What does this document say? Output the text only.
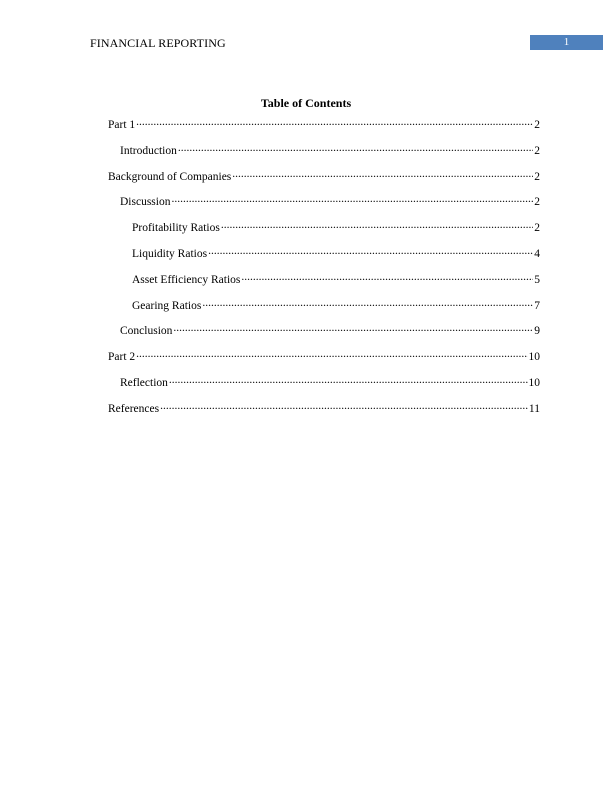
FINANCIAL REPORTING	1
Table of Contents
Part 1 .....	2
Introduction .....	2
Background of Companies .....	2
Discussion .....	2
Profitability Ratios .....	2
Liquidity Ratios .....	4
Asset Efficiency Ratios .....	5
Gearing Ratios .....	7
Conclusion .....	9
Part 2 .....	10
Reflection .....	10
References .....	11
